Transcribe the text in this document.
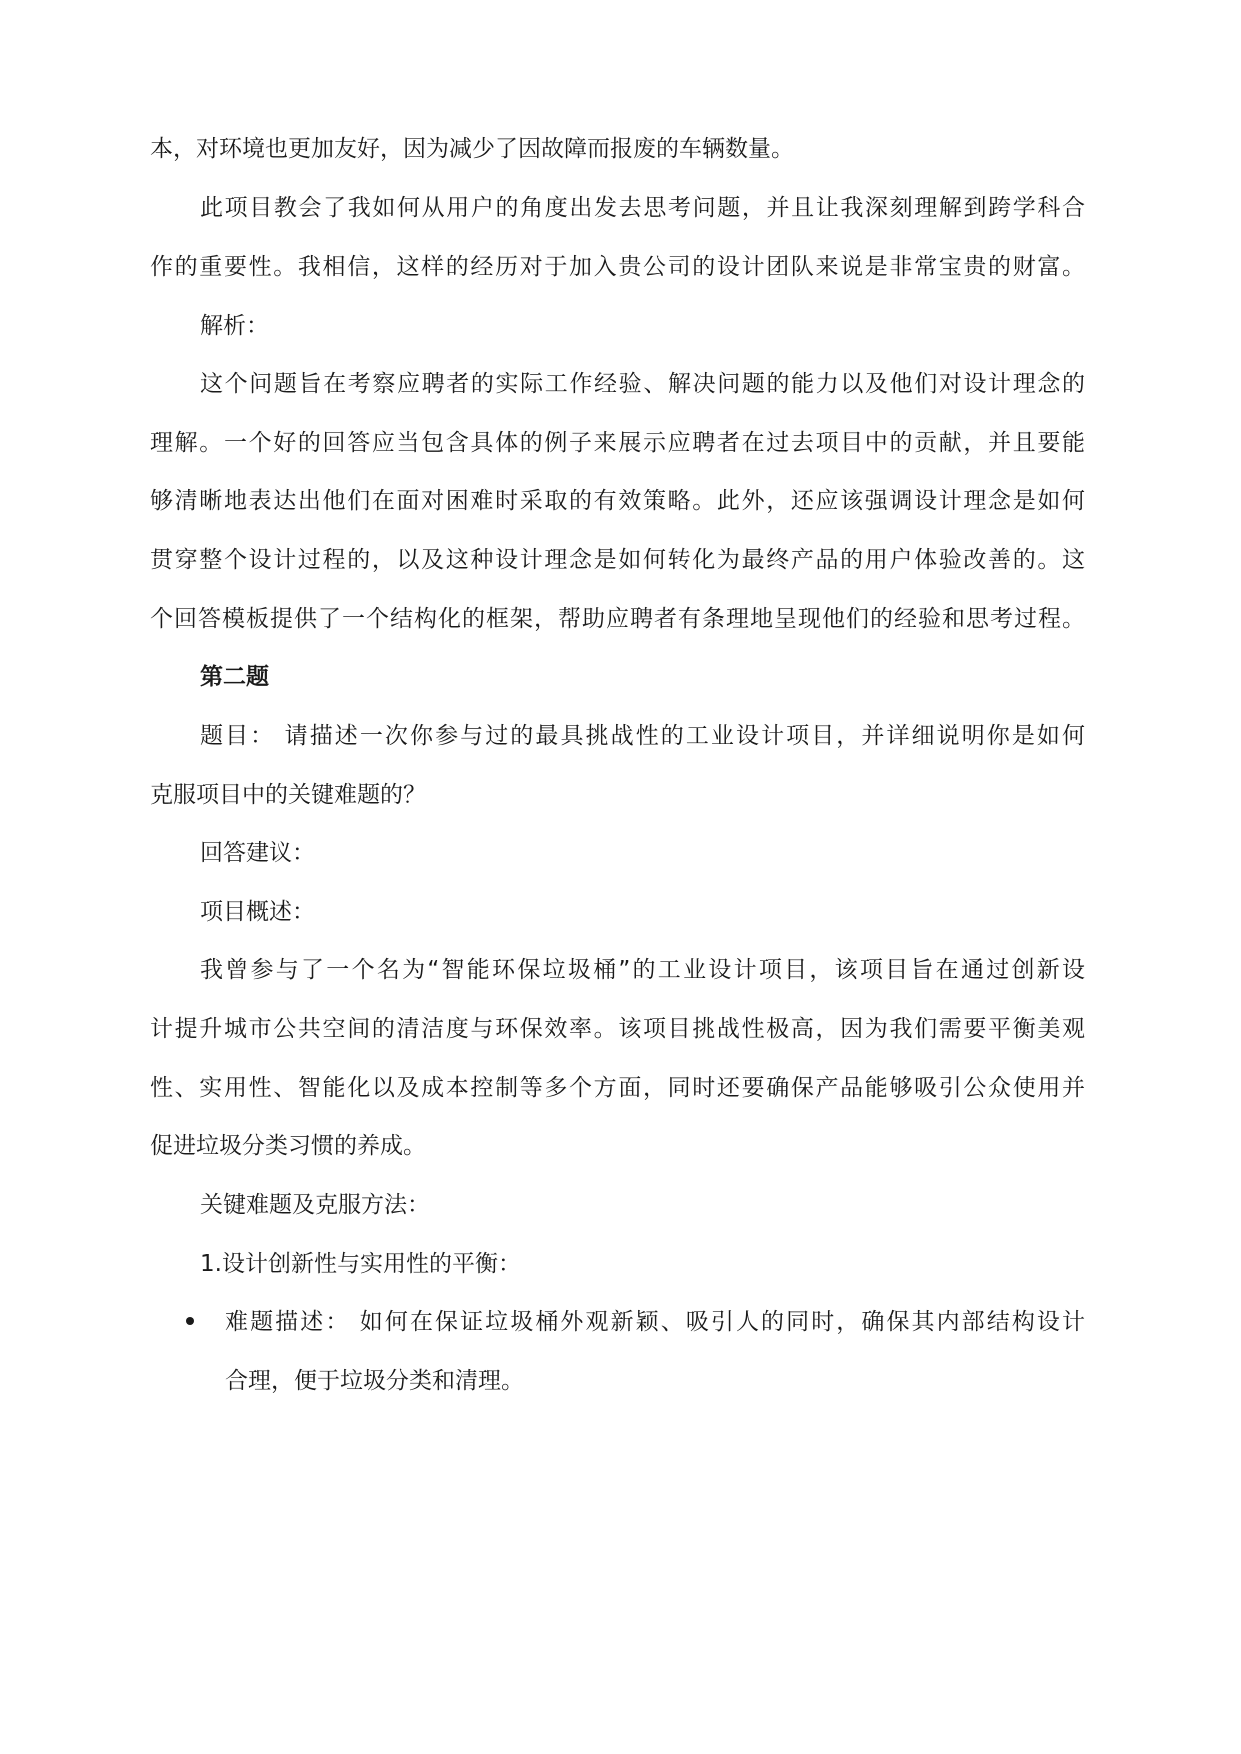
本，对环境也更加友好，因为减少了因故障而报废的车辆数量。
此项目教会了我如何从用户的角度出发去思考问题，并且让我深刻理解到跨学科合
作的重要性。我相信，这样的经历对于加入贵公司的设计团队来说是非常宝贵的财富。
解析：
这个问题旨在考察应聘者的实际工作经验、解决问题的能力以及他们对设计理念的
理解。一个好的回答应当包含具体的例子来展示应聘者在过去项目中的贡献，并且要能
够清晰地表达出他们在面对困难时采取的有效策略。此外，还应该强调设计理念是如何
贯穿整个设计过程的，以及这种设计理念是如何转化为最终产品的用户体验改善的。这
个回答模板提供了一个结构化的框架，帮助应聘者有条理地呈现他们的经验和思考过程。
第二题
题目： 请描述一次你参与过的最具挑战性的工业设计项目，并详细说明你是如何
克服项目中的关键难题的？
回答建议：
项目概述：
我曾参与了一个名为“智能环保垃圾桶”的工业设计项目，该项目旨在通过创新设
计提升城市公共空间的清洁度与环保效率。该项目挑战性极高，因为我们需要平衡美观
性、实用性、智能化以及成本控制等多个方面，同时还要确保产品能够吸引公众使用并
促进垃圾分类习惯的养成。
关键难题及克服方法：
1.设计创新性与实用性的平衡：
难题描述： 如何在保证垃圾桶外观新颖、吸引人的同时，确保其内部结构设计
合理，便于垃圾分类和清理。
